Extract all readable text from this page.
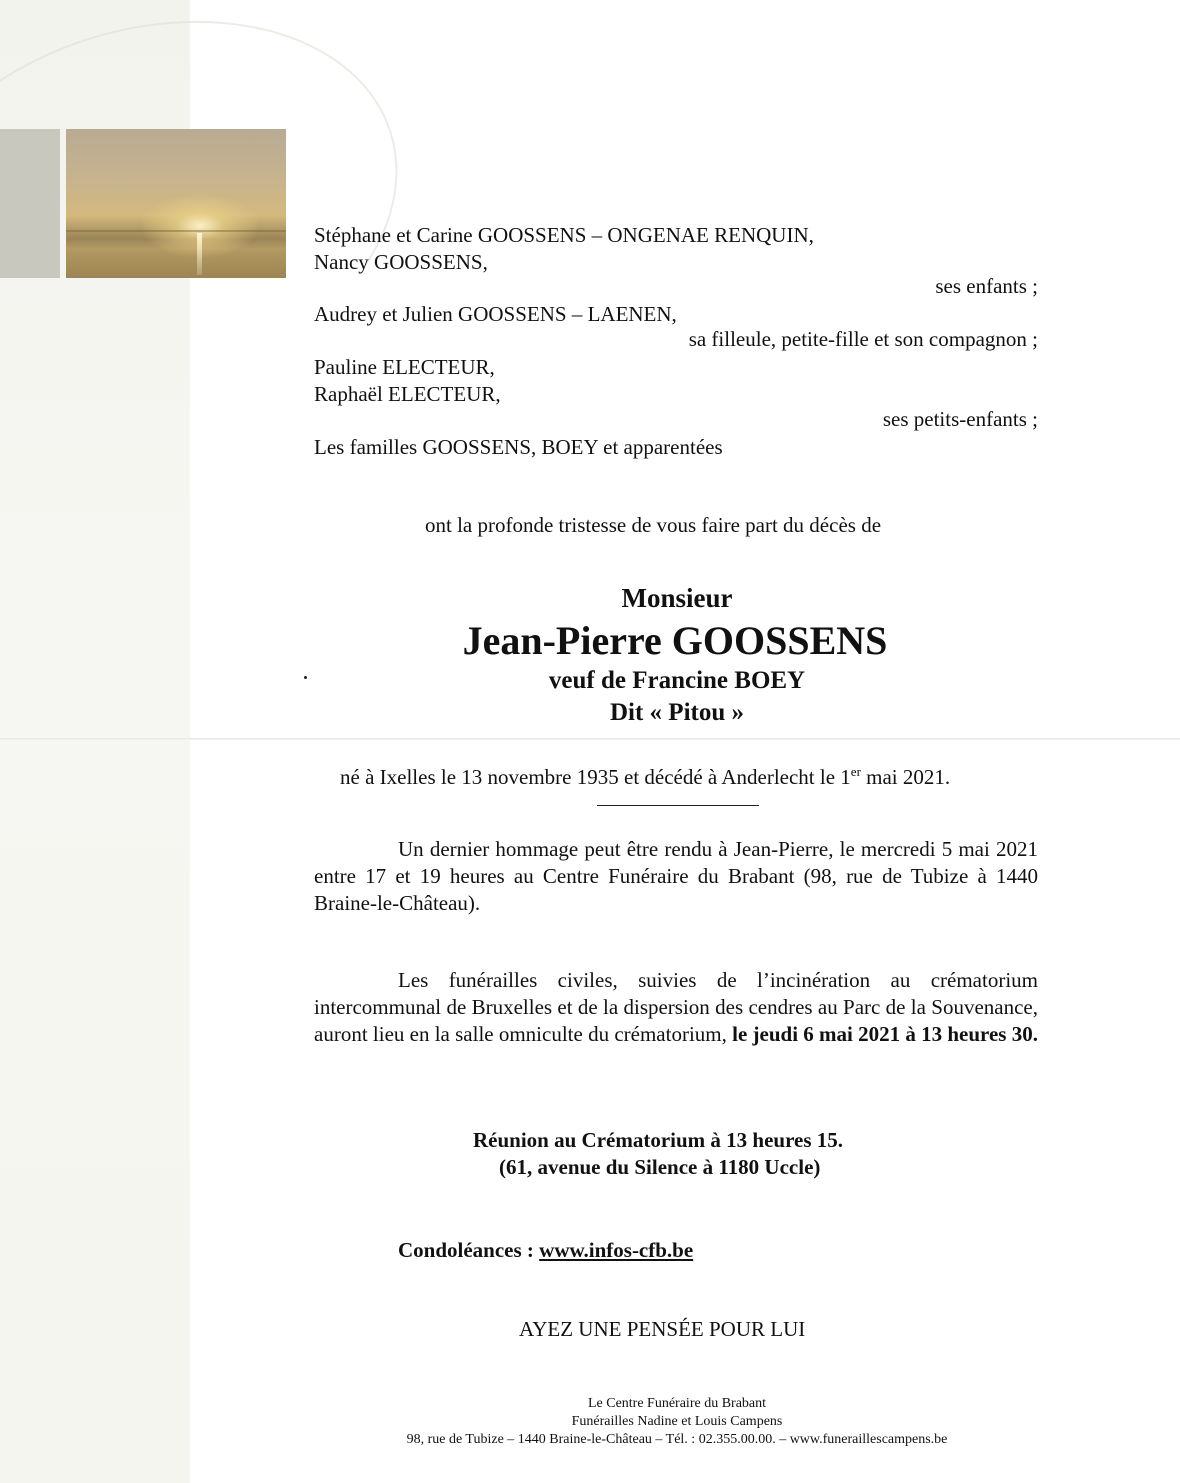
Stéphane et Carine GOOSSENS – ONGENAE RENQUIN,
Nancy GOOSSENS,
ses enfants ;
Audrey et Julien GOOSSENS – LAENEN,
sa filleule, petite-fille et son compagnon ;
Pauline ELECTEUR,
Raphaël ELECTEUR,
ses petits-enfants ;
Les familles GOOSSENS, BOEY et apparentées
ont la profonde tristesse de vous faire part du décès de
Monsieur
Jean-Pierre GOOSSENS
veuf de Francine BOEY
Dit « Pitou »
né à Ixelles le 13 novembre 1935 et décédé à Anderlecht le 1er mai 2021.
Un dernier hommage peut être rendu à Jean-Pierre, le mercredi 5 mai 2021 entre 17 et 19 heures au Centre Funéraire du Brabant (98, rue de Tubize à 1440 Braine-le-Château).
Les funérailles civiles, suivies de l’incinération au crématorium intercommunal de Bruxelles et de la dispersion des cendres au Parc de la Souvenance, auront lieu en la salle omniculte du crématorium, le jeudi 6 mai 2021 à 13 heures 30.
Réunion au Crématorium à 13 heures 15.
(61, avenue du Silence à 1180 Uccle)
Condoléances : www.infos-cfb.be
AYEZ UNE PENSÉE POUR LUI
Le Centre Funéraire du Brabant
Funérailles Nadine et Louis Campens
98, rue de Tubize – 1440 Braine-le-Château – Tél. : 02.355.00.00. – www.funeraillescampens.be
